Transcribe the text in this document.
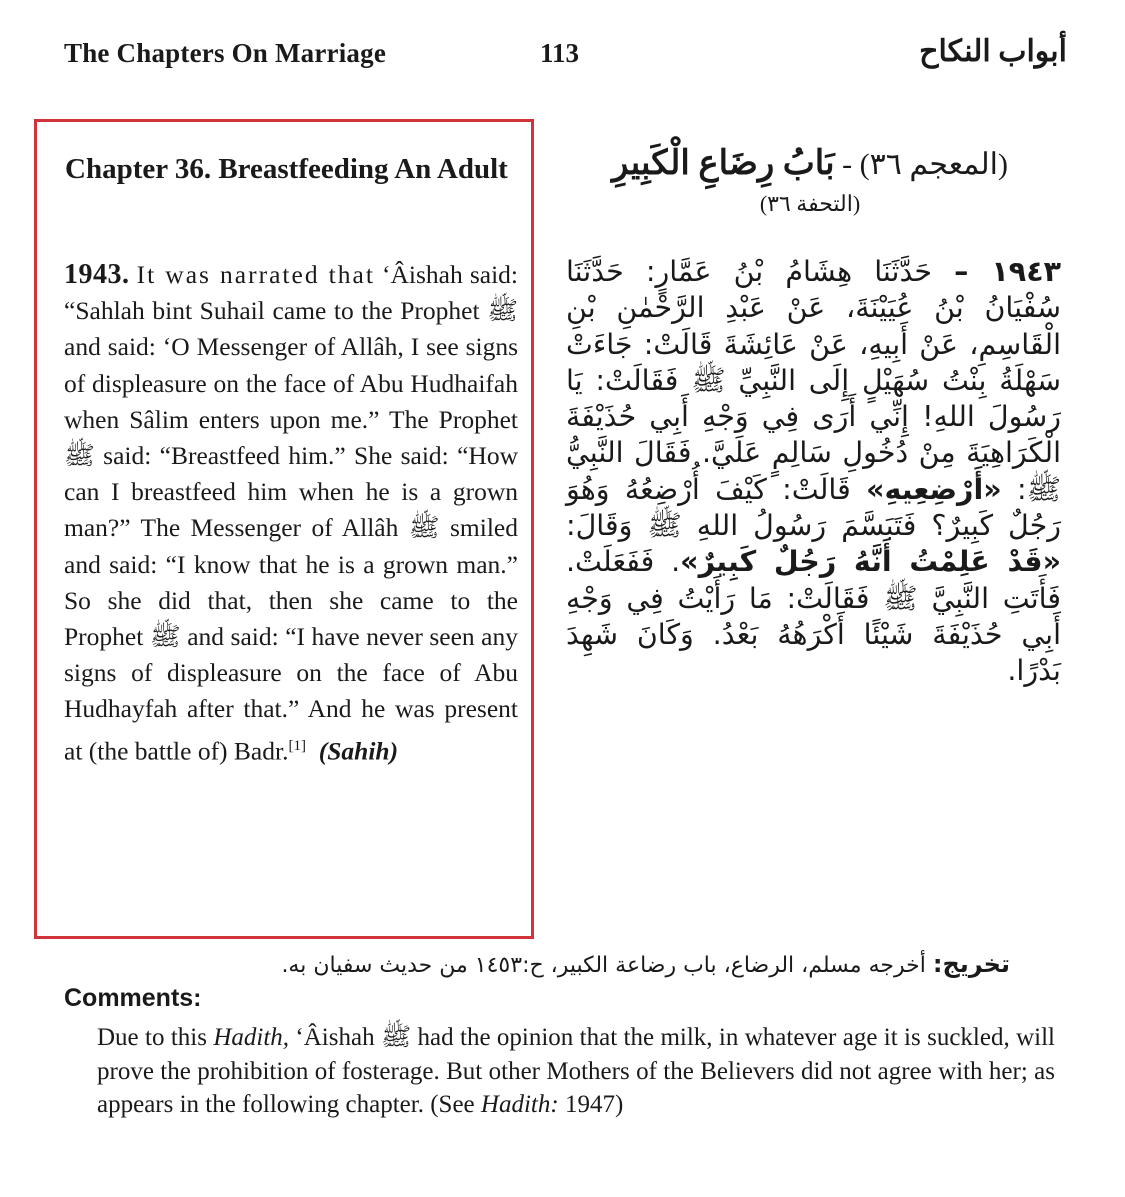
The Chapters On Marriage	113	أبواب النكاح
Chapter 36. Breastfeeding An Adult
1943. It was narrated that ‘Âishah said: “Sahlah bint Suhail came to the Prophet ﷺ and said: ‘O Messenger of Allâh, I see signs of displeasure on the face of Abu Hudhaifah when Sâlim enters upon me.” The Prophet ﷺ said: “Breastfeed him.” She said: “How can I breastfeed him when he is a grown man?” The Messenger of Allâh ﷺ smiled and said: “I know that he is a grown man.” So she did that, then she came to the Prophet ﷺ and said: “I have never seen any signs of displeasure on the face of Abu Hudhayfah after that.” And he was present at (the battle of) Badr.[1] (Sahih)
(المعجم ٣٦) - بَابُ رِضَاعِ الْكَبِيرِ
(التحفة ٣٦)
١٩٤٣ – حَدَّثَنَا هِشَامُ بْنُ عَمَّارٍ: حَدَّثَنَا سُفْيَانُ بْنُ عُيَيْنَةَ، عَنْ عَبْدِ الرَّحْمٰنِ بْنِ الْقَاسِمِ، عَنْ أَبِيهِ، عَنْ عَائِشَةَ قَالَتْ: جَاءَتْ سَهْلَةُ بِنْتُ سُهَيْلٍ إِلَى النَّبِيِّ ﷺ فَقَالَتْ: يَا رَسُولَ اللهِ! إِنِّي أَرَى فِي وَجْهِ أَبِي حُذَيْفَةَ الْكَرَاهِيَةَ مِنْ دُخُولِ سَالِمٍ عَلَيَّ. فَقَالَ النَّبِيُّ ﷺ: «أَرْضِعِيهِ» قَالَتْ: كَيْفَ أُرْضِعُهُ وَهُوَ رَجُلٌ كَبِيرٌ؟ فَتَبَسَّمَ رَسُولُ اللهِ ﷺ وَقَالَ: «قَدْ عَلِمْتُ أَنَّهُ رَجُلٌ كَبِيرٌ». فَفَعَلَتْ. فَأَتَتِ النَّبِيَّ ﷺ فَقَالَتْ: مَا رَأَيْتُ فِي وَجْهِ أَبِي حُذَيْفَةَ شَيْئًا أَكْرَهُهُ بَعْدُ. وَكَانَ شَهِدَ بَدْرًا.
تخريج: أخرجه مسلم، الرضاع، باب رضاعة الكبير، ح:١٤٥٣ من حديث سفيان به.
Comments:
Due to this Hadith, ‘Âishah ﷺ had the opinion that the milk, in whatever age it is suckled, will prove the prohibition of fosterage. But other Mothers of the Believers did not agree with her; as appears in the following chapter. (See Hadith: 1947)
